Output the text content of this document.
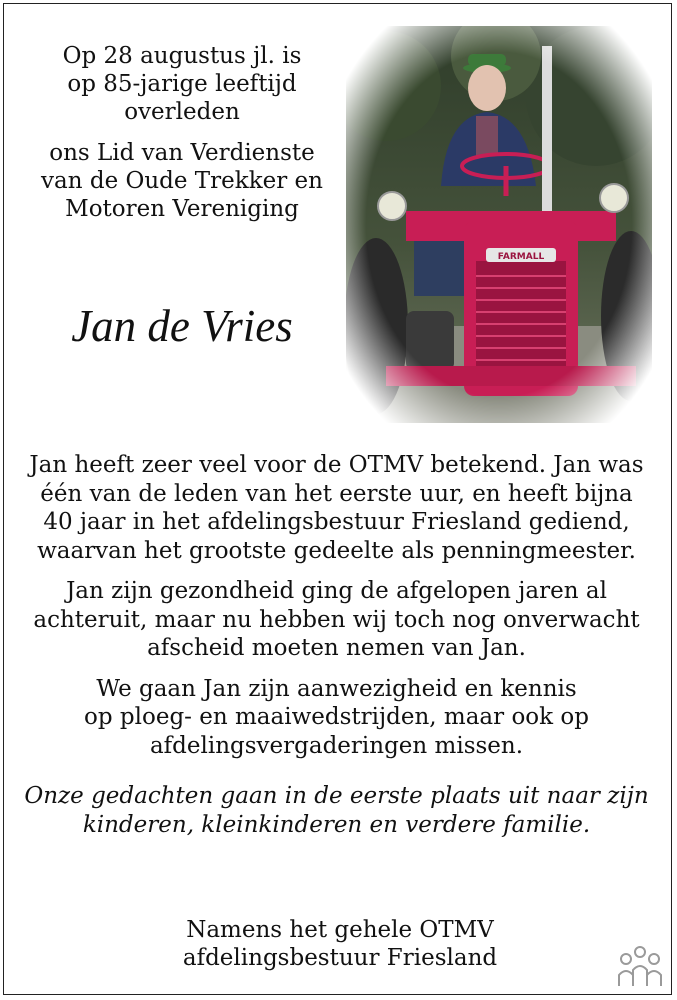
Op 28 augustus jl. is
op 85-jarige leeftijd
overleden

ons Lid van Verdienste
van de Oude Trekker en
Motoren Vereniging

Jan de Vries

Jan heeft zeer veel voor de OTMV betekend. Jan was
één van de leden van het eerste uur, en heeft bijna
40 jaar in het afdelingsbestuur Friesland gediend,
waarvan het grootste gedeelte als penningmeester.

Jan zijn gezondheid ging de afgelopen jaren al
achteruit, maar nu hebben wij toch nog onverwacht
afscheid moeten nemen van Jan.

We gaan Jan zijn aanwezigheid en kennis
op ploeg- en maaiwedstrijden, maar ook op
afdelingsvergaderingen missen.

Onze gedachten gaan in de eerste plaats uit naar zijn
kinderen, kleinkinderen en verdere familie.

Namens het gehele OTMV
afdelingsbestuur Friesland
